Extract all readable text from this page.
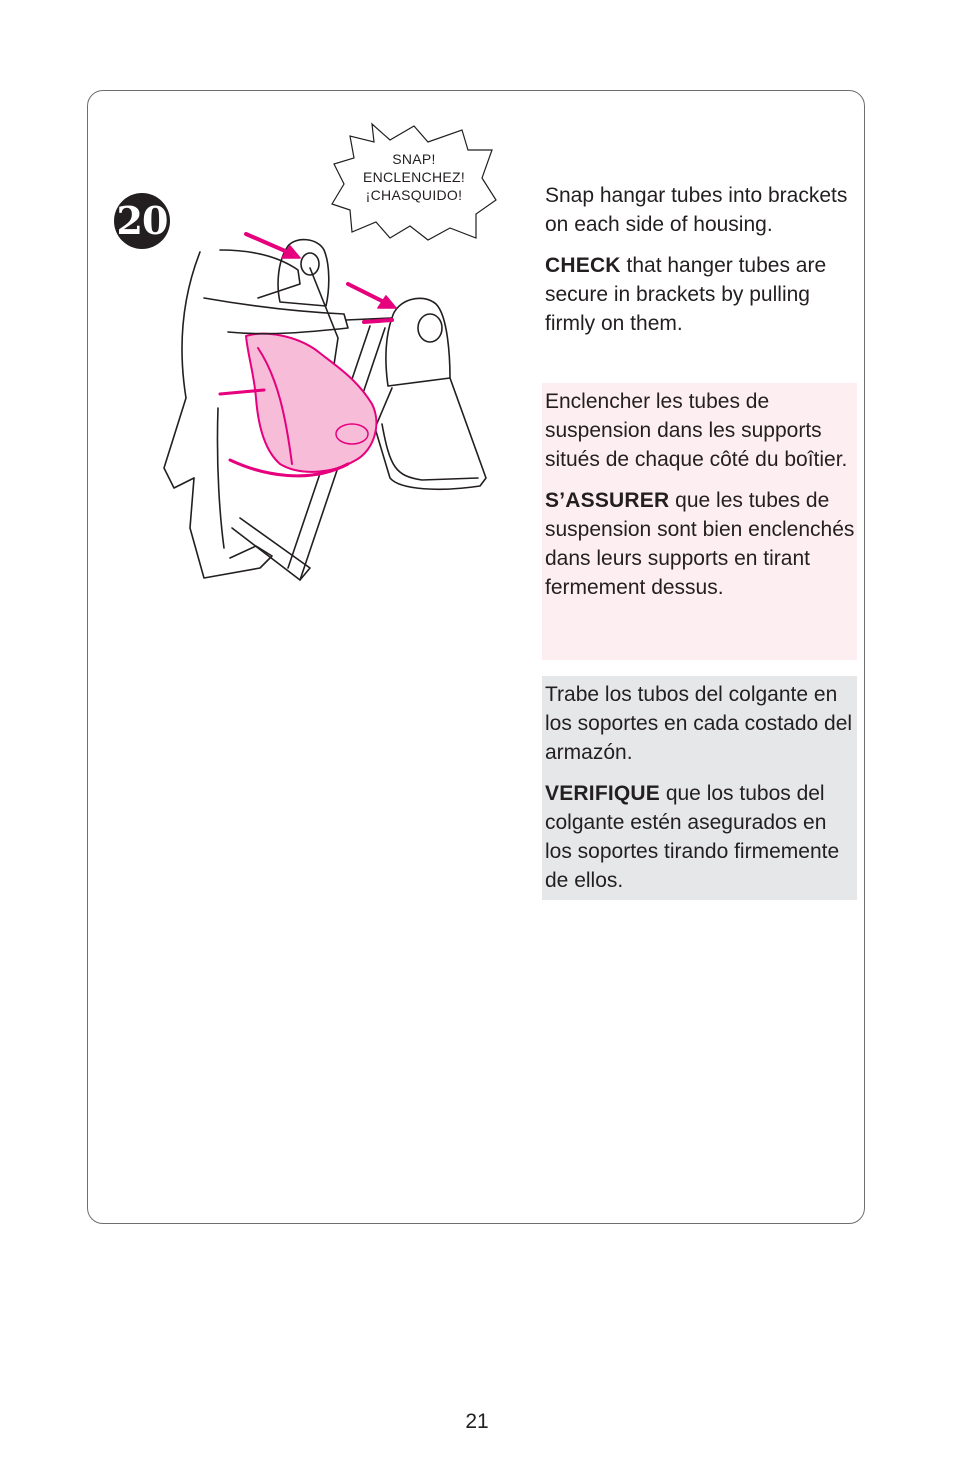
20
SNAP!
ENCLENCHEZ!
¡CHASQUIDO!	Snap hangar tubes into brackets on each side of housing.

CHECK that hanger tubes are secure in brackets by pulling firmly on them.

Enclencher les tubes de suspension dans les supports situés de chaque côté du boîtier.

S’ASSURER que les tubes de suspension sont bien enclenchés dans leurs supports en tirant fermement dessus.

Trabe los tubos del colgante en los soportes en cada costado del armazón.

VERIFIQUE que los tubos del colgante estén asegurados en los soportes tirando firmemente de ellos.

21
